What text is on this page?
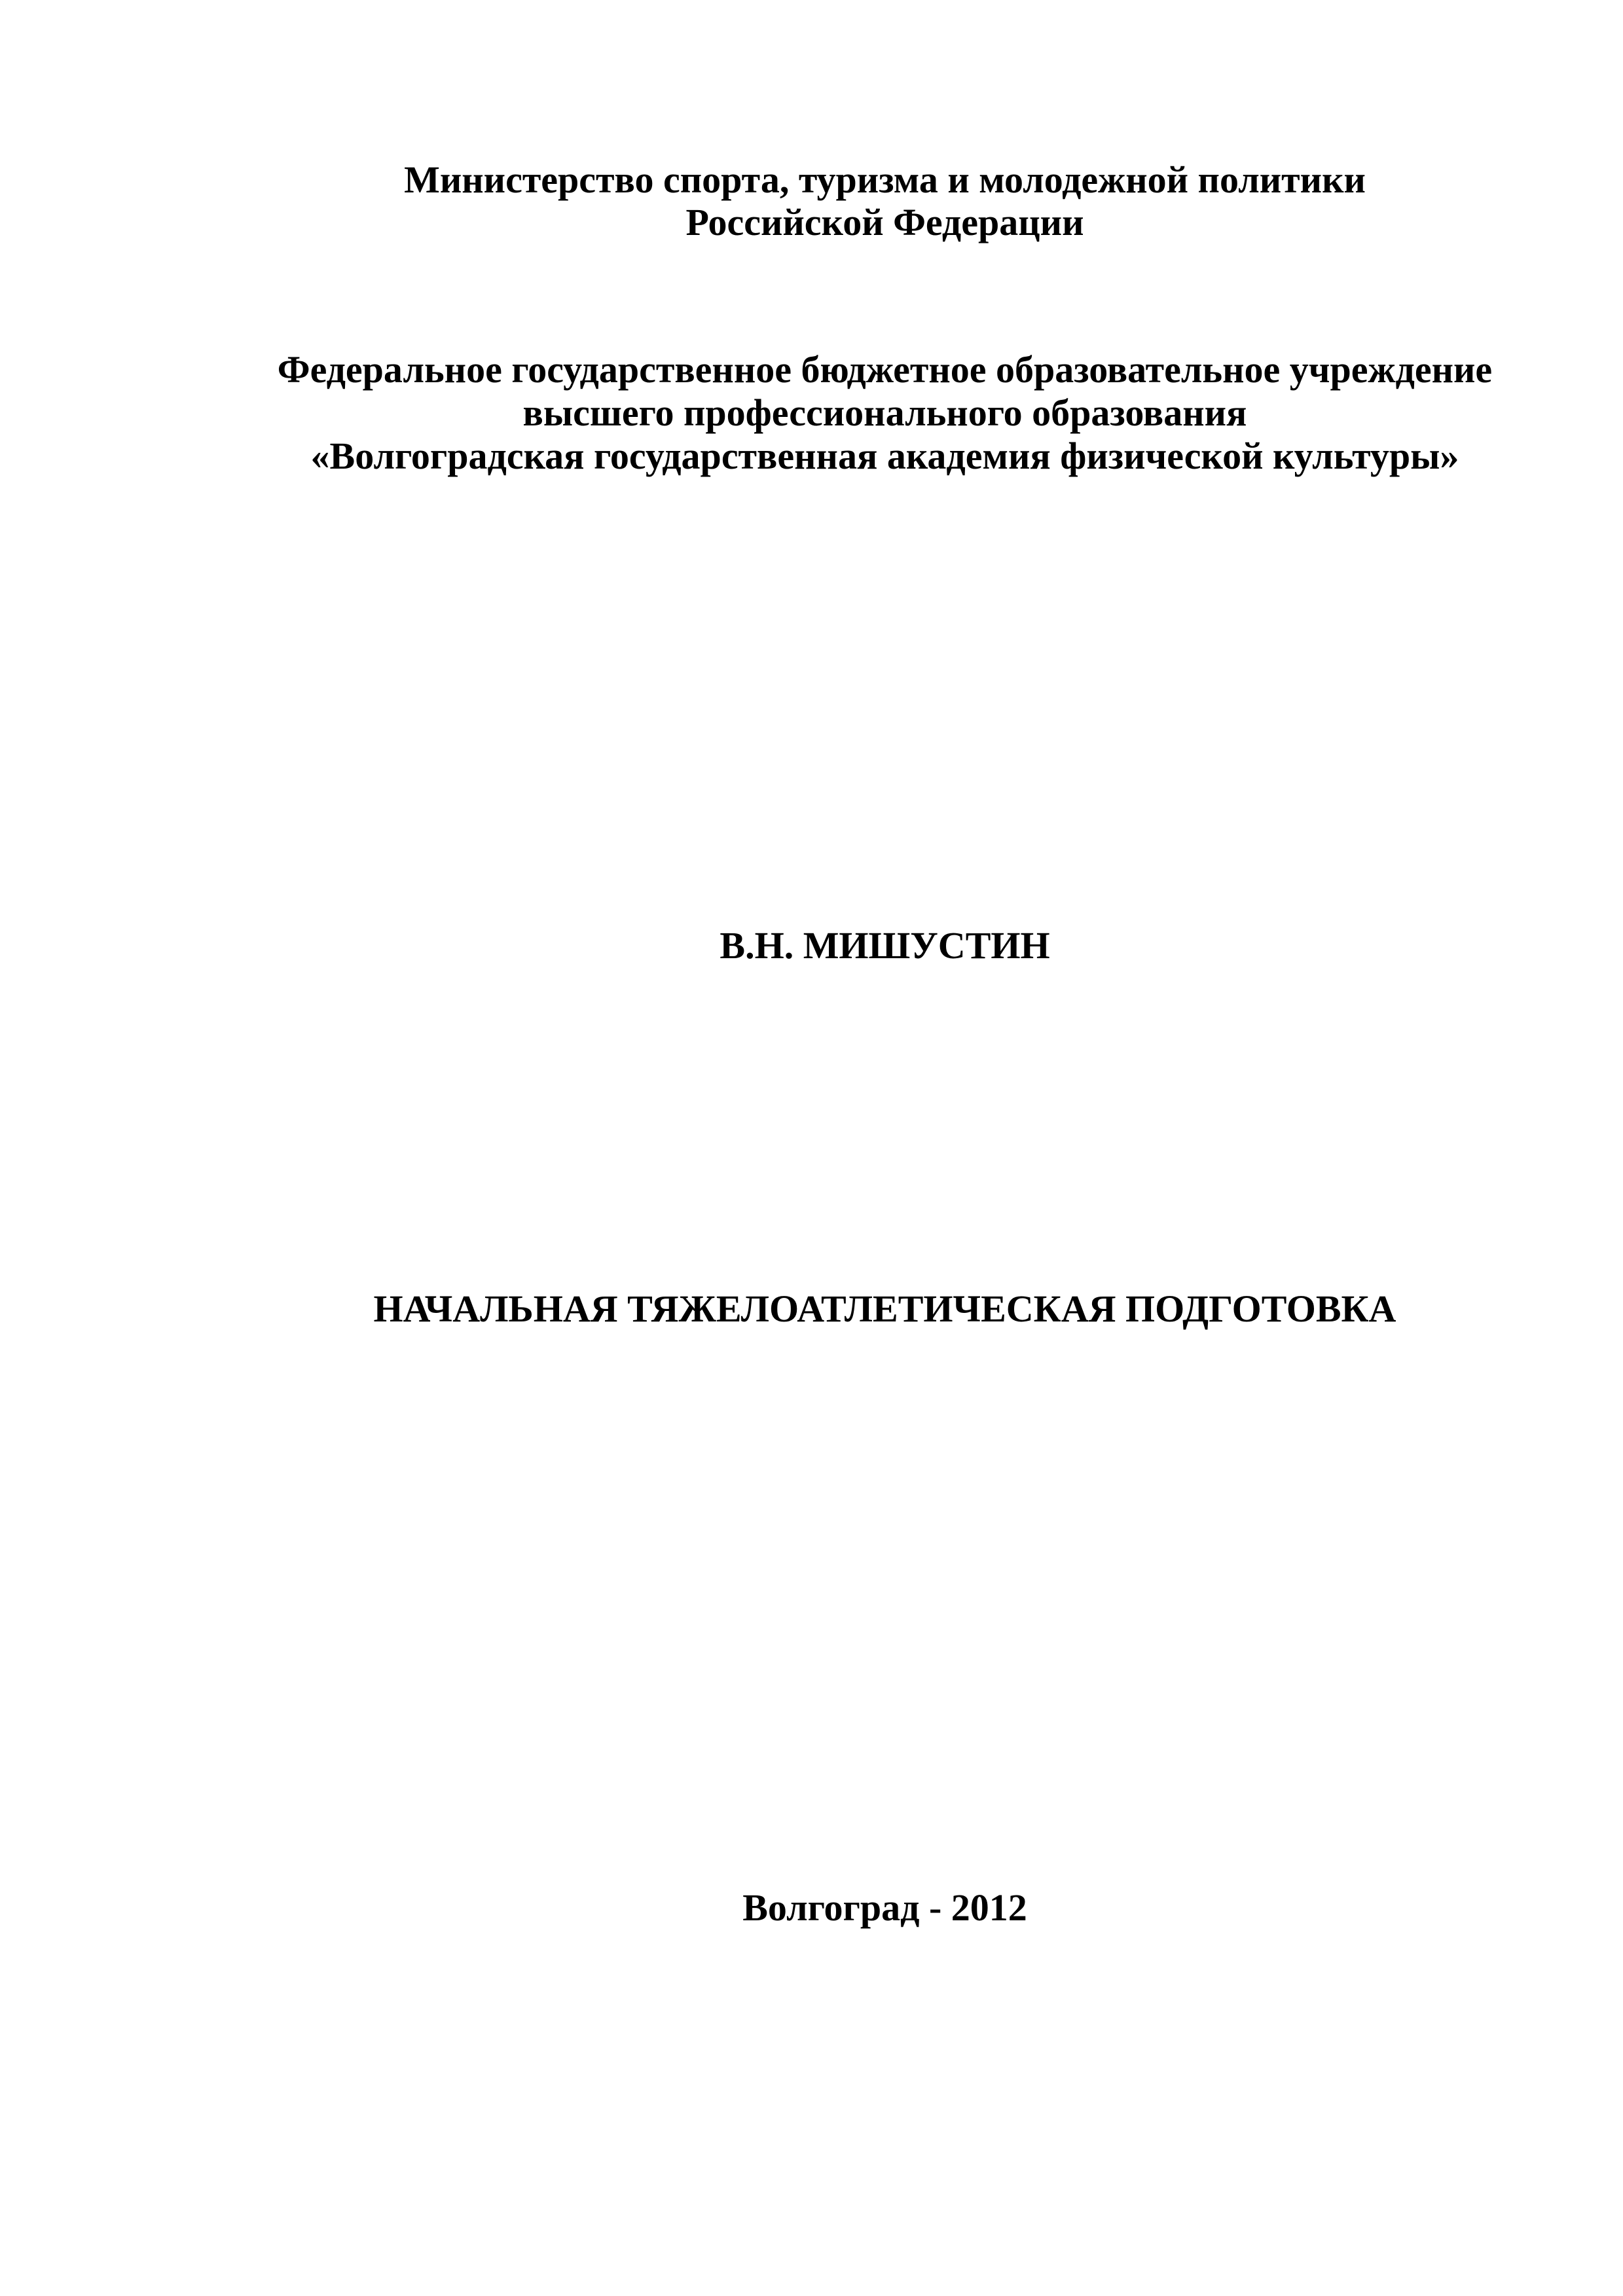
Министерство спорта, туризма и молодежной политики
Российской Федерации
Федеральное государственное бюджетное образовательное учреждение
высшего профессионального образования
«Волгоградская государственная академия физической культуры»
В.Н. МИШУСТИН
НАЧАЛЬНАЯ ТЯЖЕЛОАТЛЕТИЧЕСКАЯ ПОДГОТОВКА
Волгоград - 2012
